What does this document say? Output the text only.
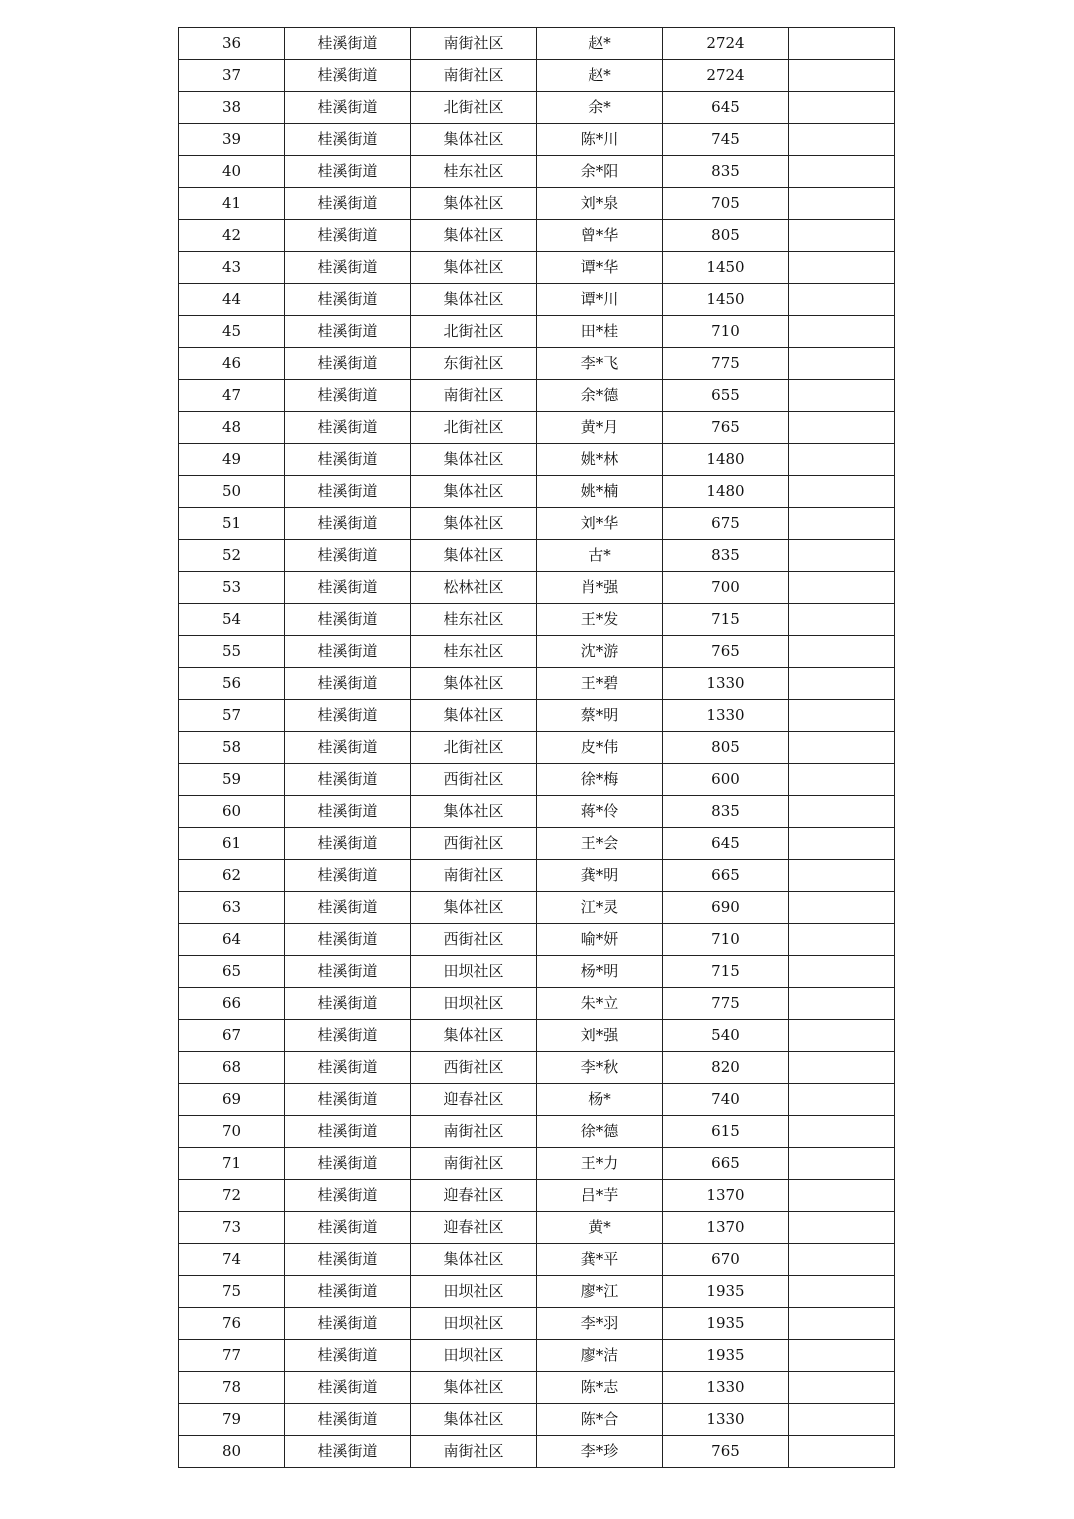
36	桂溪街道	南街社区	赵*	2724	
37	桂溪街道	南街社区	赵*	2724	
38	桂溪街道	北街社区	余*	645	
39	桂溪街道	集体社区	陈*川	745	
40	桂溪街道	桂东社区	余*阳	835	
41	桂溪街道	集体社区	刘*泉	705	
42	桂溪街道	集体社区	曾*华	805	
43	桂溪街道	集体社区	谭*华	1450	
44	桂溪街道	集体社区	谭*川	1450	
45	桂溪街道	北街社区	田*桂	710	
46	桂溪街道	东街社区	李*飞	775	
47	桂溪街道	南街社区	余*德	655	
48	桂溪街道	北街社区	黄*月	765	
49	桂溪街道	集体社区	姚*林	1480	
50	桂溪街道	集体社区	姚*楠	1480	
51	桂溪街道	集体社区	刘*华	675	
52	桂溪街道	集体社区	古*	835	
53	桂溪街道	松林社区	肖*强	700	
54	桂溪街道	桂东社区	王*发	715	
55	桂溪街道	桂东社区	沈*游	765	
56	桂溪街道	集体社区	王*碧	1330	
57	桂溪街道	集体社区	蔡*明	1330	
58	桂溪街道	北街社区	皮*伟	805	
59	桂溪街道	西街社区	徐*梅	600	
60	桂溪街道	集体社区	蒋*伶	835	
61	桂溪街道	西街社区	王*会	645	
62	桂溪街道	南街社区	龚*明	665	
63	桂溪街道	集体社区	江*灵	690	
64	桂溪街道	西街社区	喻*妍	710	
65	桂溪街道	田坝社区	杨*明	715	
66	桂溪街道	田坝社区	朱*立	775	
67	桂溪街道	集体社区	刘*强	540	
68	桂溪街道	西街社区	李*秋	820	
69	桂溪街道	迎春社区	杨*	740	
70	桂溪街道	南街社区	徐*德	615	
71	桂溪街道	南街社区	王*力	665	
72	桂溪街道	迎春社区	吕*芋	1370	
73	桂溪街道	迎春社区	黄*	1370	
74	桂溪街道	集体社区	龚*平	670	
75	桂溪街道	田坝社区	廖*江	1935	
76	桂溪街道	田坝社区	李*羽	1935	
77	桂溪街道	田坝社区	廖*洁	1935	
78	桂溪街道	集体社区	陈*志	1330	
79	桂溪街道	集体社区	陈*合	1330	
80	桂溪街道	南街社区	李*珍	765	
